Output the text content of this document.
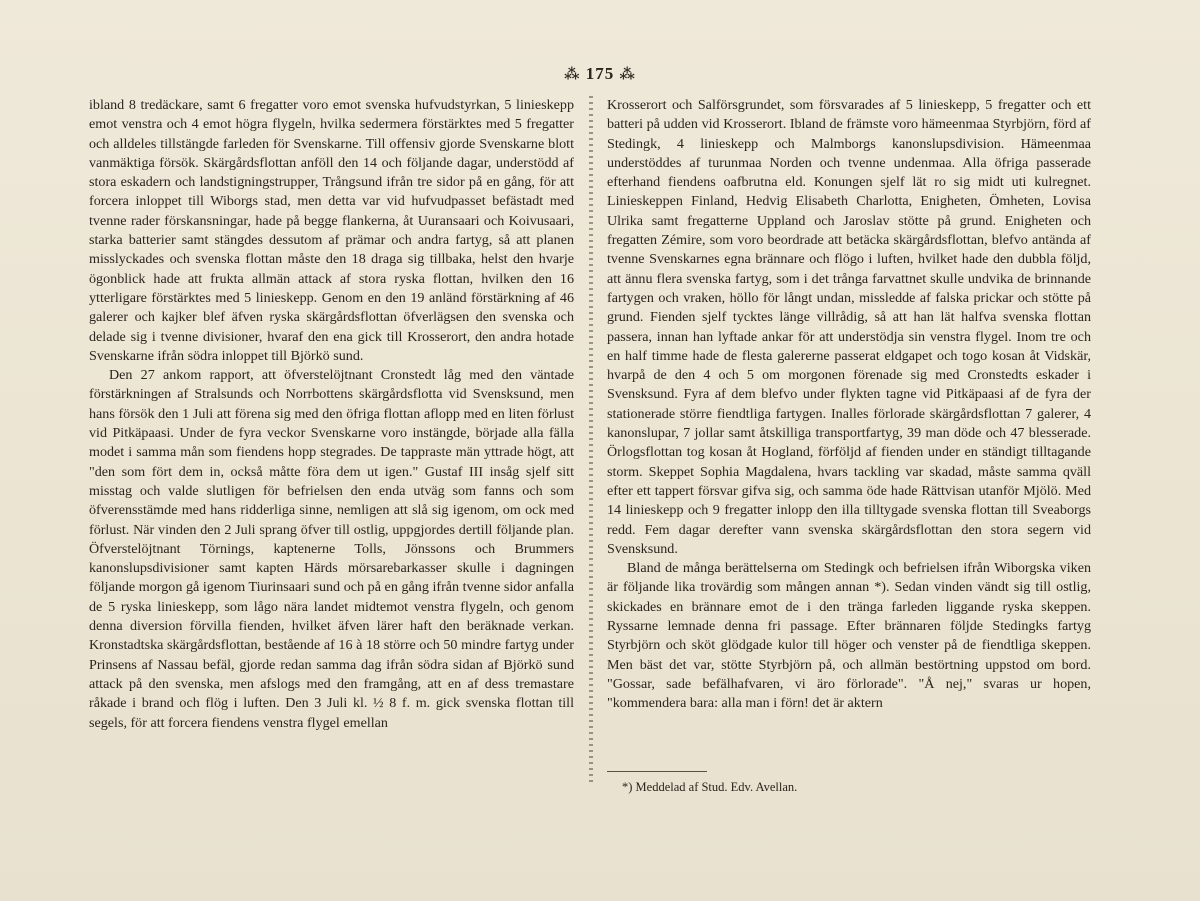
⁂ 175 ⁂

ibland 8 tredäckare, samt 6 fregatter voro emot svenska hufvudstyrkan, 5 linieskepp emot venstra och 4 emot högra flygeln, hvilka sedermera förstärktes med 5 fregatter och alldeles tillstängde farleden för Svenskarne. Till offensiv gjorde Svenskarne blott vanmäktiga försök. Skärgårdsflottan anföll den 14 och följande dagar, understödd af stora eskadern och landstigningstrupper, Trångsund ifrån tre sidor på en gång, för att forcera inloppet till Wiborgs stad, men detta var vid hufvudpasset befästadt med tvenne rader förskansningar, hade på begge flankerna, åt Uuransaari och Koivusaari, starka batterier samt stängdes dessutom af prämar och andra fartyg, så att planen misslyckades och svenska flottan måste den 18 draga sig tillbaka, helst den hvarje ögonblick hade att frukta allmän attack af stora ryska flottan, hvilken den 16 ytterligare förstärktes med 5 linieskepp. Genom en den 19 anländ förstärkning af 46 galerer och kajker blef äfven ryska skärgårdsflottan öfverlägsen den svenska och delade sig i tvenne divisioner, hvaraf den ena gick till Krosserort, den andra hotade Svenskarne ifrån södra inloppet till Björkö sund.

Den 27 ankom rapport, att öfverstelöjtnant Cronstedt låg med den väntade förstärkningen af Stralsunds och Norrbottens skärgårdsflotta vid Svensksund, men hans försök den 1 Juli att förena sig med den öfriga flottan aflopp med en liten förlust vid Pitkäpaasi. Under de fyra veckor Svenskarne voro instängde, började alla fälla modet i samma mån som fiendens hopp stegrades. De tappraste män yttrade högt, att "den som fört dem in, också måtte föra dem ut igen." Gustaf III insåg sjelf sitt misstag och valde slutligen för befrielsen den enda utväg som fanns och som öfverensstämde med hans ridderliga sinne, nemligen att slå sig igenom, om ock med förlust. När vinden den 2 Juli sprang öfver till ostlig, uppgjordes dertill följande plan. Öfverstelöjtnant Törnings, kaptenerne Tolls, Jönssons och Brummers kanonslupsdivisioner samt kapten Härds mörsarebarkasser skulle i dagningen följande morgon gå igenom Tiurinsaari sund och på en gång ifrån tvenne sidor anfalla de 5 ryska linieskepp, som lågo nära landet midtemot venstra flygeln, och genom denna diversion förvilla fienden, hvilket äfven lärer haft den beräknade verkan. Kronstadtska skärgårdsflottan, bestående af 16 à 18 större och 50 mindre fartyg under Prinsens af Nassau befäl, gjorde redan samma dag ifrån södra sidan af Björkö sund attack på den svenska, men afslogs med den framgång, att en af dess tremastare råkade i brand och flög i luften. Den 3 Juli kl. ½ 8 f. m. gick svenska flottan till segels, för att forcera fiendens venstra flygel emellan

Krosserort och Salförsgrundet, som försvarades af 5 linieskepp, 5 fregatter och ett batteri på udden vid Krosserort. Ibland de främste voro hämeenmaa Styrbjörn, förd af Stedingk, 4 linieskepp och Malmborgs kanonslupsdivision. Hämeenmaa understöddes af turunmaa Norden och tvenne undenmaa. Alla öfriga passerade efterhand fiendens oafbrutna eld. Konungen sjelf lät ro sig midt uti kulregnet. Linieskeppen Finland, Hedvig Elisabeth Charlotta, Enigheten, Ömheten, Lovisa Ulrika samt fregatterne Uppland och Jaroslav stötte på grund. Enigheten och fregatten Zémire, som voro beordrade att betäcka skärgårdsflottan, blefvo antända af tvenne Svenskarnes egna brännare och flögo i luften, hvilket hade den dubbla följd, att ännu flera svenska fartyg, som i det trånga farvattnet skulle undvika de brinnande fartygen och vraken, höllo för långt undan, missledde af falska prickar och stötte på grund. Fienden sjelf tycktes länge villrådig, så att han lät halfva svenska flottan passera, innan han lyftade ankar för att understödja sin venstra flygel. Inom tre och en half timme hade de flesta galererne passerat eldgapet och togo kosan åt Vidskär, hvarpå de den 4 och 5 om morgonen förenade sig med Cronstedts eskader i Svensksund. Fyra af dem blefvo under flykten tagne vid Pitkäpaasi af de fyra der stationerade större fiendtliga fartygen. Inalles förlorade skärgårdsflottan 7 galerer, 4 kanonslupar, 7 jollar samt åtskilliga transportfartyg, 39 man döde och 47 blesserade. Örlogsflottan tog kosan åt Hogland, förföljd af fienden under en ständigt tilltagande storm. Skeppet Sophia Magdalena, hvars tackling var skadad, måste samma qväll efter ett tappert försvar gifva sig, och samma öde hade Rättvisan utanför Mjölö. Med 14 linieskepp och 9 fregatter inlopp den illa tilltygade svenska flottan till Sveaborgs redd. Fem dagar derefter vann svenska skärgårdsflottan den stora segern vid Svensksund.

Bland de många berättelserna om Stedingk och befrielsen ifrån Wiborgska viken är följande lika trovärdig som mången annan *). Sedan vinden vändt sig till ostlig, skickades en brännare emot de i den tränga farleden liggande ryska skeppen. Ryssarne lemnade denna fri passage. Efter brännaren följde Stedingks fartyg Styrbjörn och sköt glödgade kulor till höger och venster på de fiendtliga skeppen. Men bäst det var, stötte Styrbjörn på, och allmän bestörtning uppstod om bord. "Gossar, sade befälhafvaren, vi äro förlorade". "Å nej," svaras ur hopen, "kommendera bara: alla man i förn! det är aktern

*) Meddelad af Stud. Edv. Avellan.
